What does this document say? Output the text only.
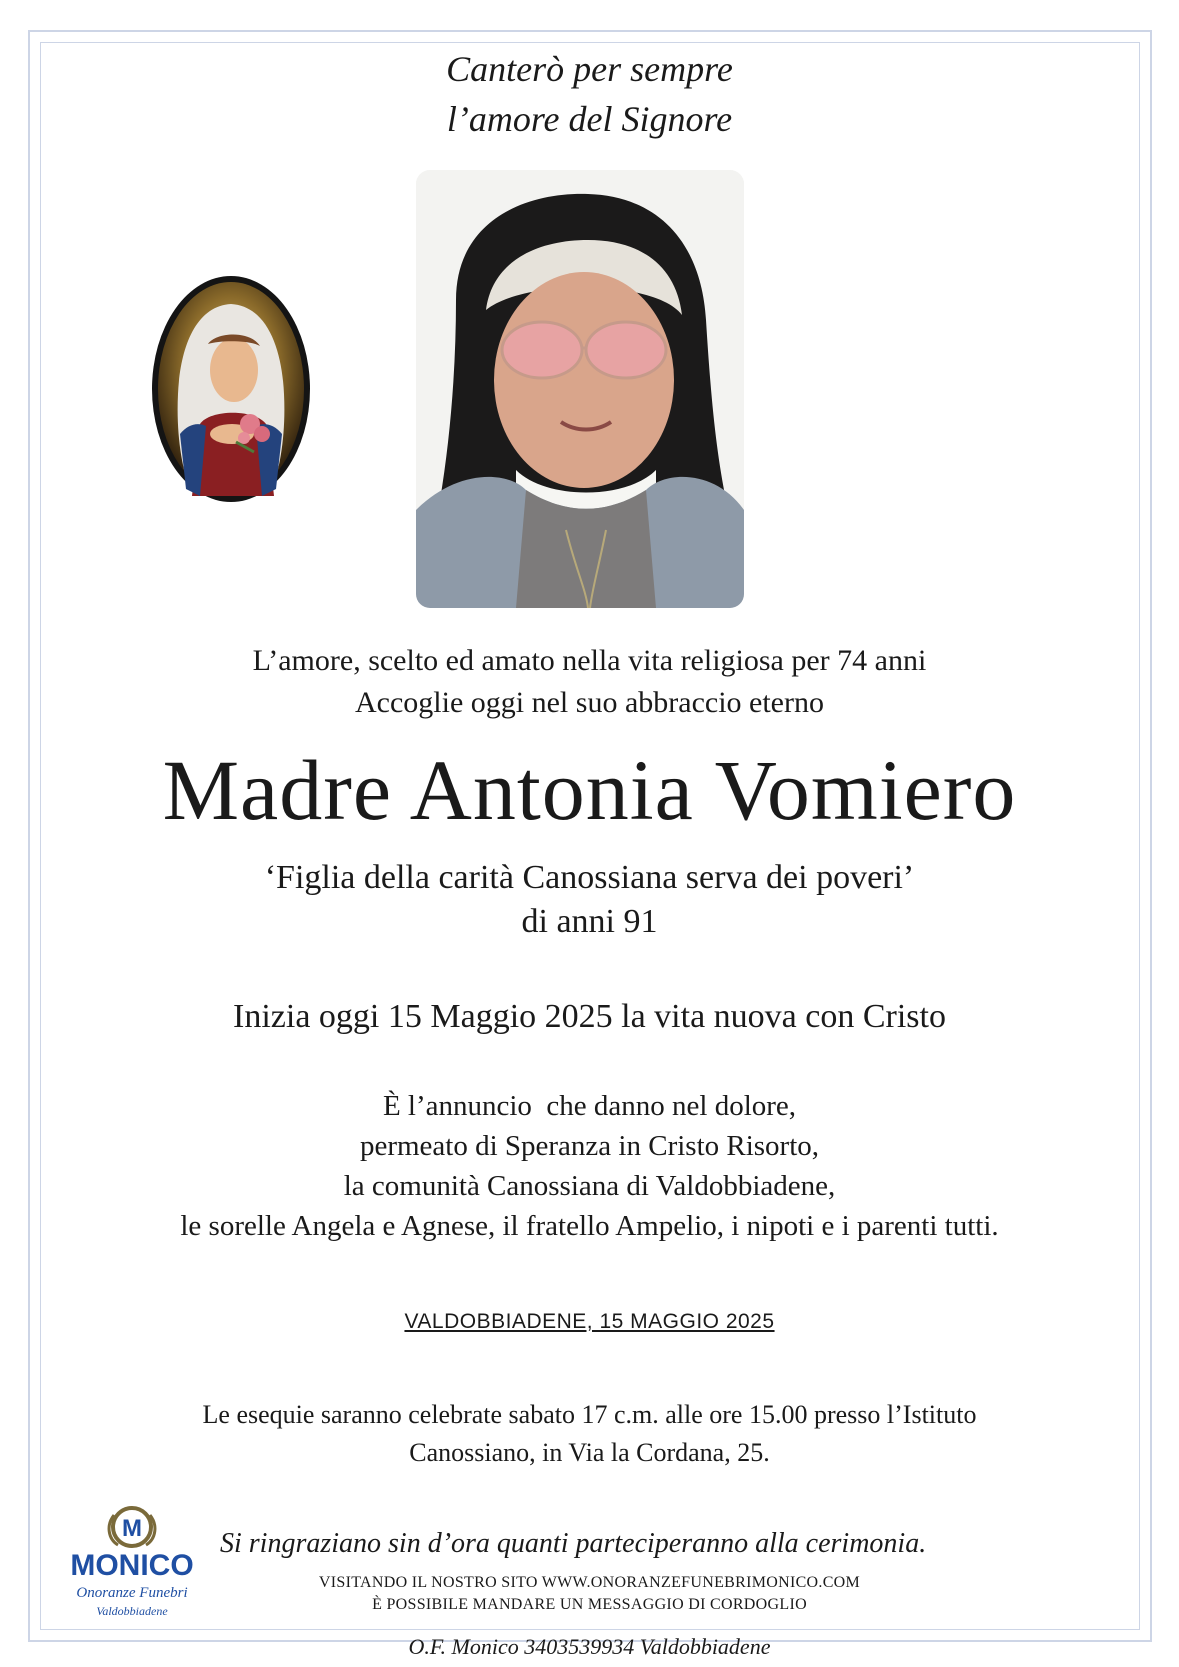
Canterò per sempre
l’amore del Signore
L’amore, scelto ed amato nella vita religiosa per 74 anni
Accoglie oggi nel suo abbraccio eterno
Madre Antonia Vomiero
‘Figlia della carità Canossiana serva dei poveri’
di anni 91
Inizia oggi 15 Maggio 2025 la vita nuova con Cristo
È l’annuncio  che danno nel dolore,
permeato di Speranza in Cristo Risorto,
la comunità Canossiana di Valdobbiadene,
le sorelle Angela e Agnese, il fratello Ampelio, i nipoti e i parenti tutti.
VALDOBBIADENE, 15 MAGGIO 2025
Le esequie saranno celebrate sabato 17 c.m. alle ore 15.00 presso l’Istituto
Canossiano, in Via la Cordana, 25.
M
MONICO
Onoranze Funebri
Valdobbiadene
Si ringraziano sin d’ora quanti parteciperanno alla cerimonia.
VISITANDO IL NOSTRO SITO WWW.ONORANZEFUNEBRIMONICO.COM
È POSSIBILE MANDARE UN MESSAGGIO DI CORDOGLIO
O.F. Monico 3403539934 Valdobbiadene
